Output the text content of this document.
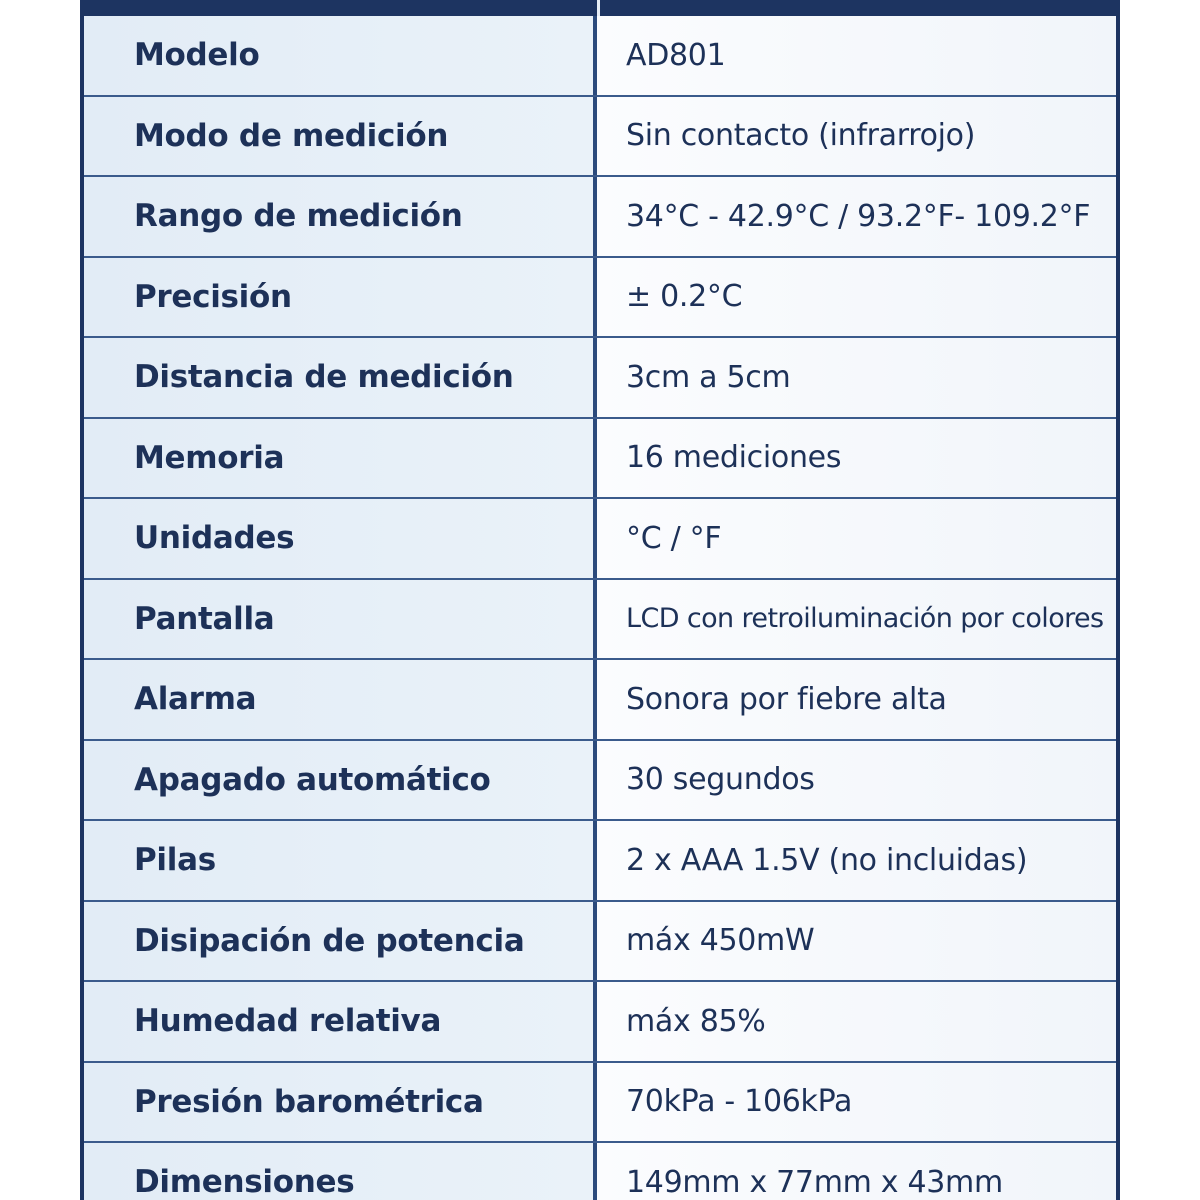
Modelo	AD801
Modo de medición	Sin contacto (infrarrojo)
Rango de medición	34°C - 42.9°C / 93.2°F- 109.2°F
Precisión	± 0.2°C
Distancia de medición	3cm a 5cm
Memoria	16 mediciones
Unidades	°C / °F
Pantalla	LCD con retroiluminación por colores
Alarma	Sonora por fiebre alta
Apagado automático	30 segundos
Pilas	2 x AAA 1.5V (no incluidas)
Disipación de potencia	máx 450mW
Humedad relativa	máx 85%
Presión barométrica	70kPa - 106kPa
Dimensiones	149mm x 77mm x 43mm
